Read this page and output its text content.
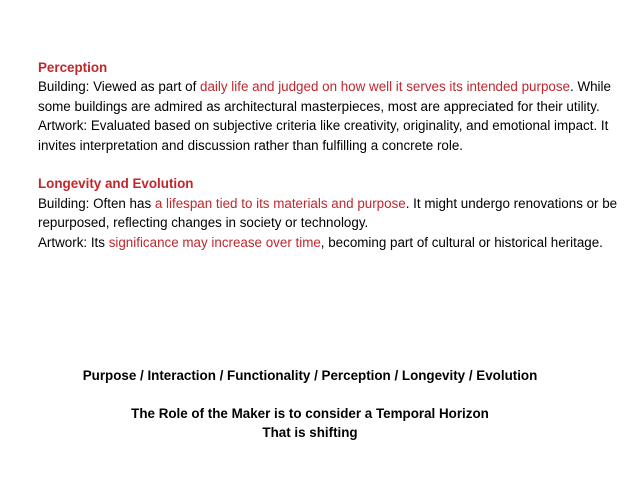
Perception
Building: Viewed as part of daily life and judged on how well it serves its intended purpose. While some buildings are admired as architectural masterpieces, most are appreciated for their utility.
Artwork: Evaluated based on subjective criteria like creativity, originality, and emotional impact. It invites interpretation and discussion rather than fulfilling a concrete role.
Longevity and Evolution
Building: Often has a lifespan tied to its materials and purpose. It might undergo renovations or be repurposed, reflecting changes in society or technology.
Artwork: Its significance may increase over time, becoming part of cultural or historical heritage.
Purpose / Interaction / Functionality / Perception / Longevity / Evolution
The Role of the Maker is to consider a Temporal Horizon
That is shifting
